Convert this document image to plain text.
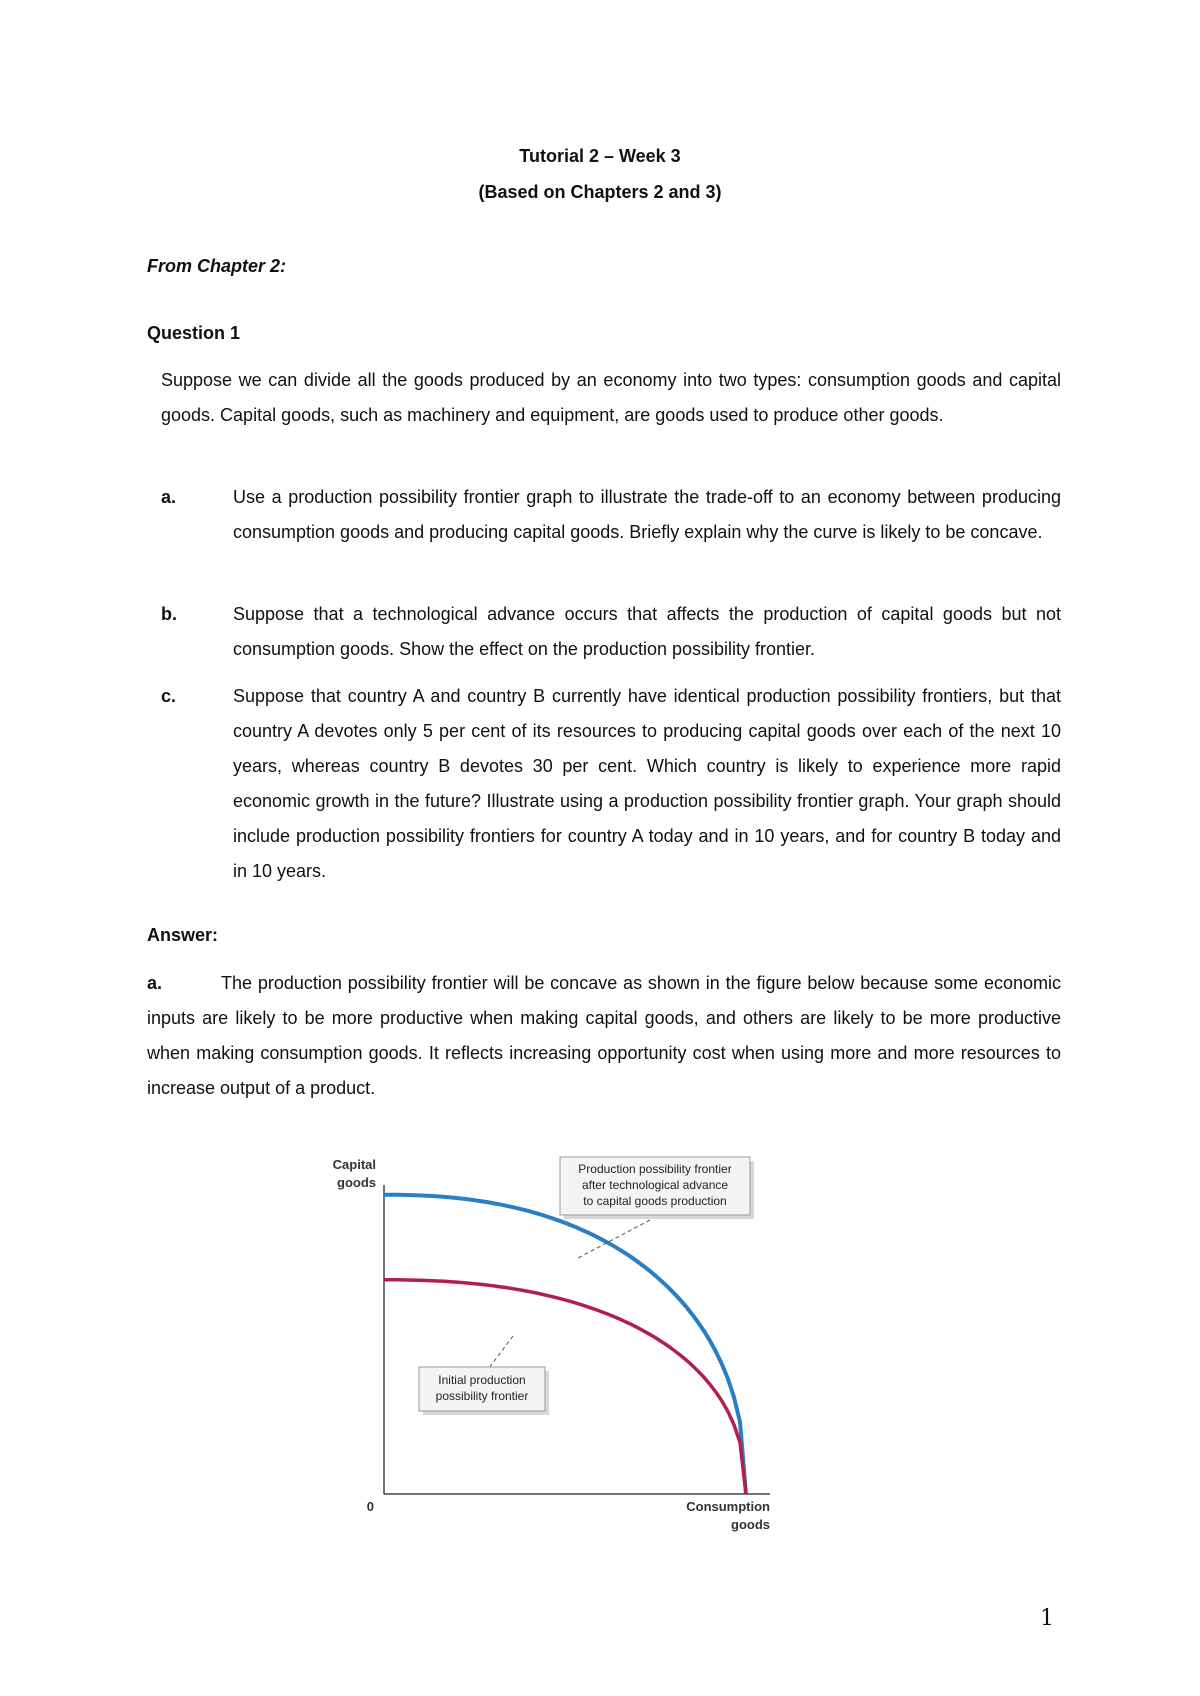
Tutorial 2 – Week 3
(Based on Chapters 2 and 3)
From Chapter 2:
Question 1
Suppose we can divide all the goods produced by an economy into two types: consumption goods and capital goods. Capital goods, such as machinery and equipment, are goods used to produce other goods.
a.	Use a production possibility frontier graph to illustrate the trade-off to an economy between producing consumption goods and producing capital goods. Briefly explain why the curve is likely to be concave.
b.	Suppose that a technological advance occurs that affects the production of capital goods but not consumption goods. Show the effect on the production possibility frontier.
c.	Suppose that country A and country B currently have identical production possibility frontiers, but that country A devotes only 5 per cent of its resources to producing capital goods over each of the next 10 years, whereas country B devotes 30 per cent. Which country is likely to experience more rapid economic growth in the future? Illustrate using a production possibility frontier graph. Your graph should include production possibility frontiers for country A today and in 10 years, and for country B today and in 10 years.
Answer:
a.	The production possibility frontier will be concave as shown in the figure below because some economic inputs are likely to be more productive when making capital goods, and others are likely to be more productive when making consumption goods. It reflects increasing opportunity cost when using more and more resources to increase output of a product.
Capital
goods
0	Consumption
goods
Production possibility frontier
after technological advance
to capital goods production
Initial production
possibility frontier
1
